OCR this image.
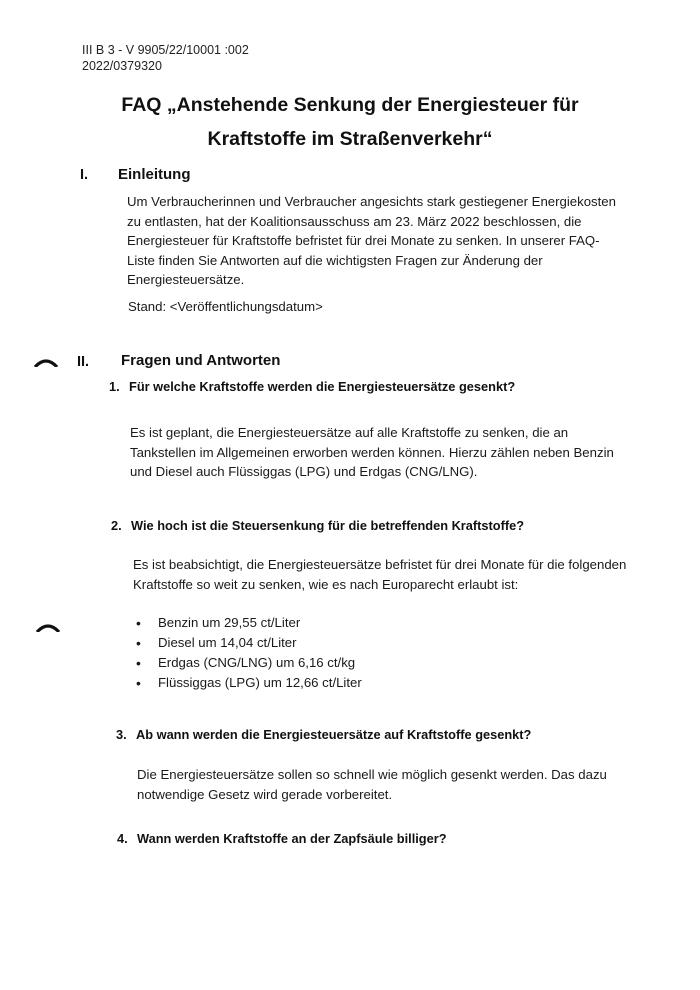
III B 3 - V 9905/22/10001 :002
2022/0379320
FAQ „Anstehende Senkung der Energiesteuer für
Kraftstoffe im Straßenverkehr“
I. Einleitung
Um Verbraucherinnen und Verbraucher angesichts stark gestiegener Energiekosten
zu entlasten, hat der Koalitionsausschuss am 23. März 2022 beschlossen, die
Energiesteuer für Kraftstoffe befristet für drei Monate zu senken. In unserer FAQ-
Liste finden Sie Antworten auf die wichtigsten Fragen zur Änderung der
Energiesteuersätze.
Stand: <Veröffentlichungsdatum>
II. Fragen und Antworten
1. Für welche Kraftstoffe werden die Energiesteuersätze gesenkt?
Es ist geplant, die Energiesteuersätze auf alle Kraftstoffe zu senken, die an
Tankstellen im Allgemeinen erworben werden können. Hierzu zählen neben Benzin
und Diesel auch Flüssiggas (LPG) und Erdgas (CNG/LNG).
2. Wie hoch ist die Steuersenkung für die betreffenden Kraftstoffe?
Es ist beabsichtigt, die Energiesteuersätze befristet für drei Monate für die folgenden
Kraftstoffe so weit zu senken, wie es nach Europarecht erlaubt ist:
• Benzin um 29,55 ct/Liter
• Diesel um 14,04 ct/Liter
• Erdgas (CNG/LNG) um 6,16 ct/kg
• Flüssiggas (LPG) um 12,66 ct/Liter
3. Ab wann werden die Energiesteuersätze auf Kraftstoffe gesenkt?
Die Energiesteuersätze sollen so schnell wie möglich gesenkt werden. Das dazu
notwendige Gesetz wird gerade vorbereitet.
4. Wann werden Kraftstoffe an der Zapfsäule billiger?
